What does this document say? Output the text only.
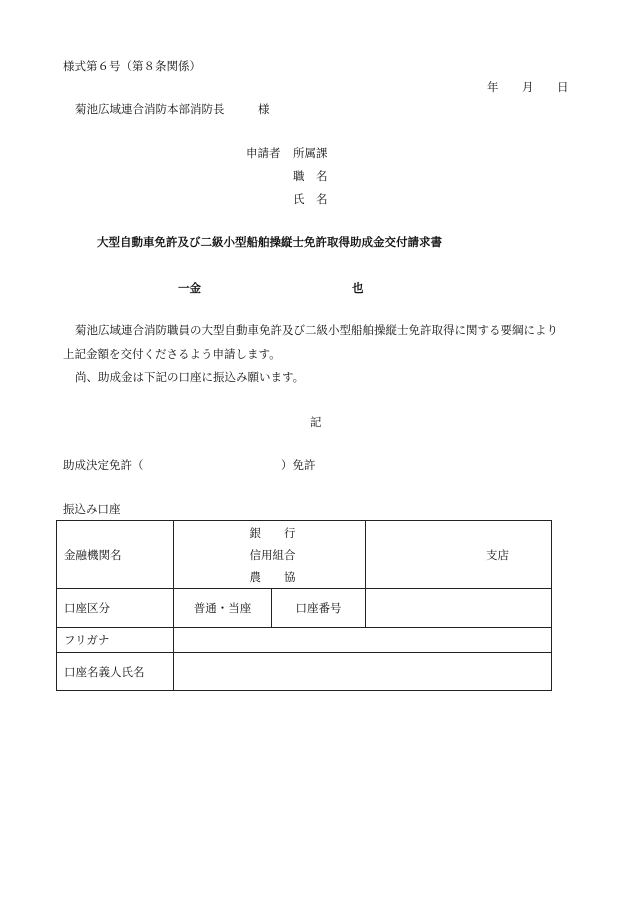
様式第６号（第８条関係）
年 月 日
菊池広域連合消防本部消防長	様
申請者 所属課
職　名
氏　名
大型自動車免許及び二級小型船舶操縦士免許取得助成金交付請求書
一金	也
菊池広域連合消防職員の大型自動車免許及び二級小型船舶操縦士免許取得に関する要綱により
上記金額を交付くださるよう申請します。
尚、助成金は下記の口座に振込み願います。
記
助成決定免許（	）免許
振込み口座
金融機関名	銀　　行
信用組合
農　　協		支店
口座区分	普通・当座	口座番号	
フリガナ			
口座名義人氏名			
